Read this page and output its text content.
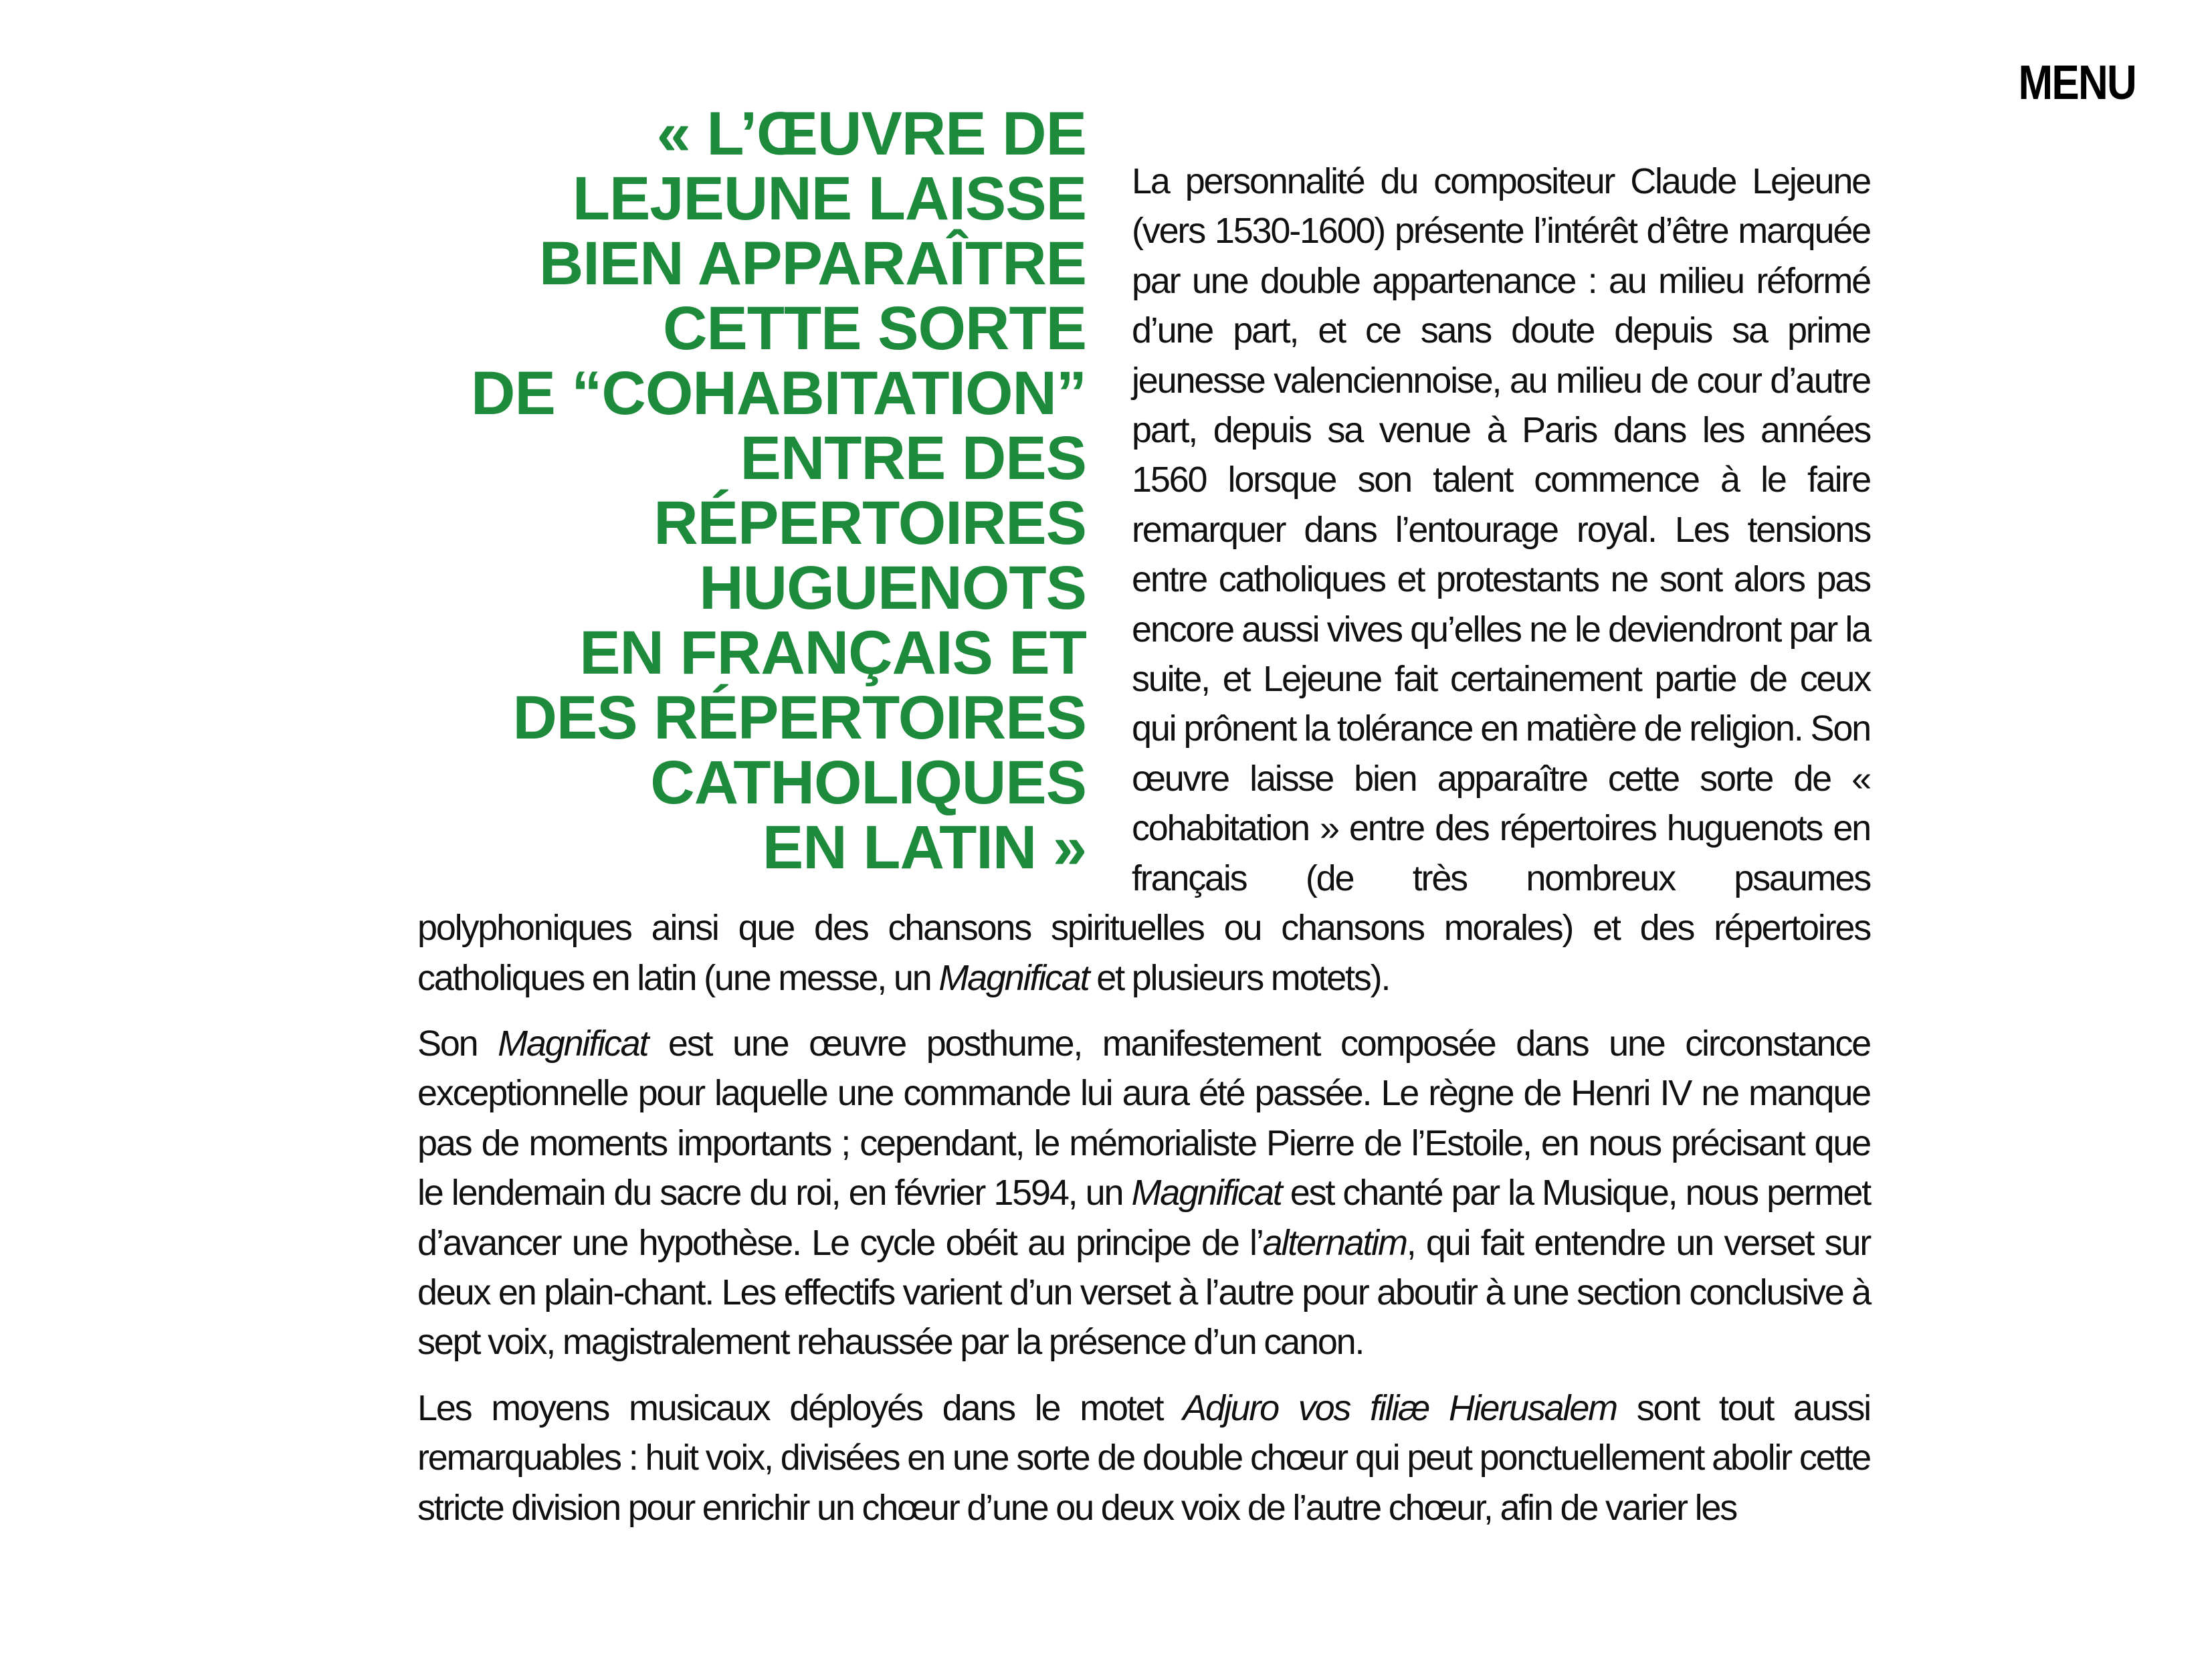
MENU
« L’ŒUVRE DE
LEJEUNE LAISSE
BIEN APPARAÎTRE
CETTE SORTE
DE “COHABITATION”
ENTRE DES
RÉPERTOIRES
HUGUENOTS
EN FRANÇAIS ET
DES RÉPERTOIRES
CATHOLIQUES
EN LATIN »

La personnalité du compositeur Claude Lejeune (vers 1530-1600) présente l’intérêt d’être marquée par une double appartenance : au milieu réformé d’une part, et ce sans doute depuis sa prime jeunesse valenciennoise, au milieu de cour d’autre part, depuis sa venue à Paris dans les années 1560 lorsque son talent commence à le faire remarquer dans l’entourage royal. Les tensions entre catholiques et protestants ne sont alors pas encore aussi vives qu’elles ne le deviendront par la suite, et Lejeune fait certainement partie de ceux qui prônent la tolérance en matière de religion. Son œuvre laisse bien apparaître cette sorte de « cohabitation » entre des répertoires huguenots en français (de très nombreux psaumes polyphoniques ainsi que des chansons spirituelles ou chansons morales) et des répertoires catholiques en latin (une messe, un Magnificat et plusieurs motets).

Son Magnificat est une œuvre posthume, manifestement composée dans une circonstance exceptionnelle pour laquelle une commande lui aura été passée. Le règne de Henri IV ne manque pas de moments importants ; cependant, le mémorialiste Pierre de l’Estoile, en nous précisant que le lendemain du sacre du roi, en février 1594, un Magnificat est chanté par la Musique, nous permet d’avancer une hypothèse. Le cycle obéit au principe de l’alternatim, qui fait entendre un verset sur deux en plain-chant. Les effectifs varient d’un verset à l’autre pour aboutir à une section conclusive à sept voix, magistralement rehaussée par la présence d’un canon.

Les moyens musicaux déployés dans le motet Adjuro vos filiæ Hierusalem sont tout aussi remarquables : huit voix, divisées en une sorte de double chœur qui peut ponctuellement abolir cette stricte division pour enrichir un chœur d’une ou deux voix de l’autre chœur, afin de varier les
